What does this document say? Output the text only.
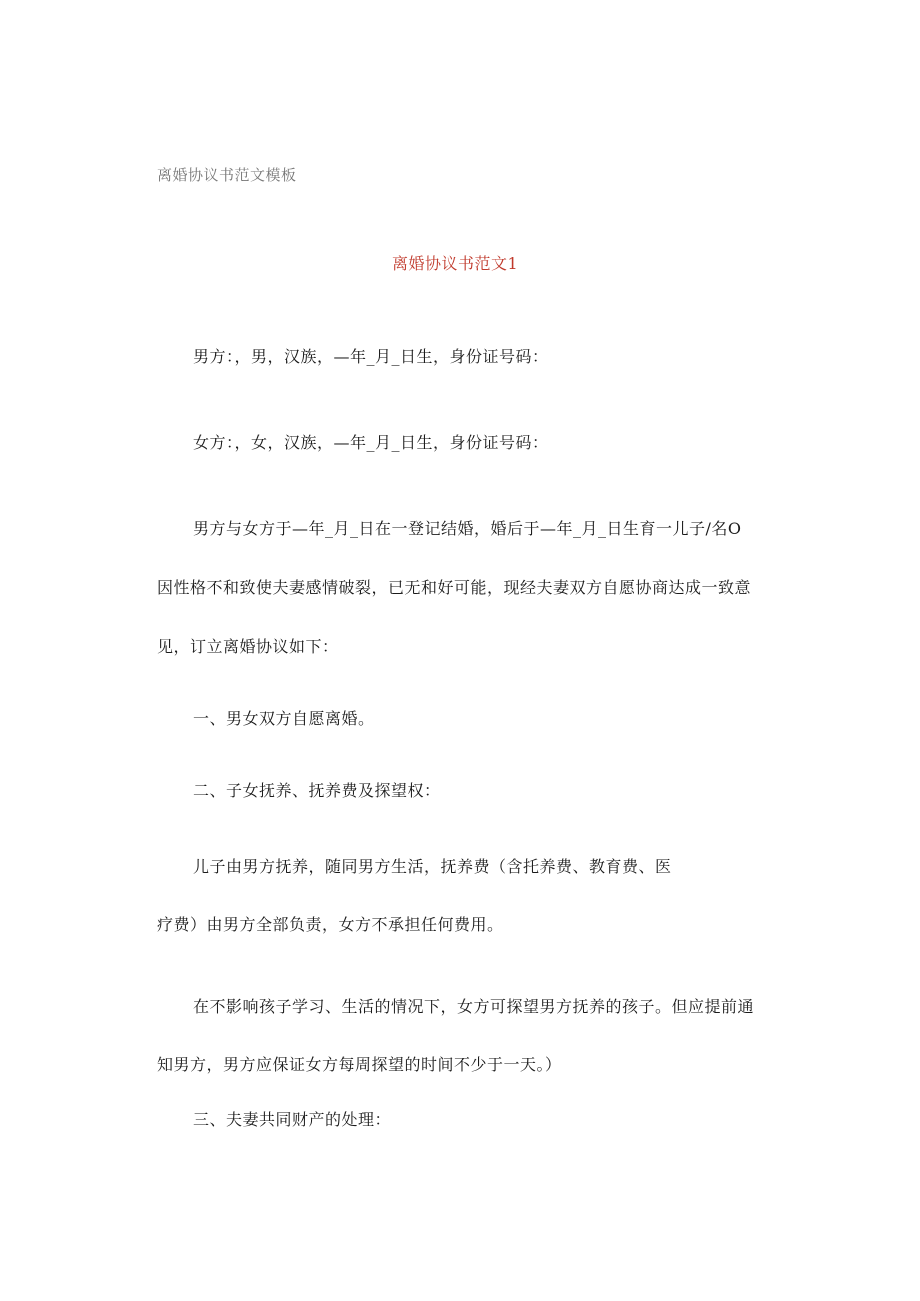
离婚协议书范文模板
离婚协议书范文1
男方：，男，汉族，—年_月_日生，身份证号码：
女方：，女，汉族，—年_月_日生，身份证号码：
男方与女方于—年_月_日在一登记结婚，婚后于—年_月_日生育一儿子/名O
因性格不和致使夫妻感情破裂，已无和好可能，现经夫妻双方自愿协商达成一致意
见，订立离婚协议如下：
一、男女双方自愿离婚。
二、子女抚养、抚养费及探望权：
儿子由男方抚养，随同男方生活，抚养费（含托养费、教育费、医
疗费）由男方全部负责，女方不承担任何费用。
在不影响孩子学习、生活的情况下，女方可探望男方抚养的孩子。但应提前通
知男方，男方应保证女方每周探望的时间不少于一天。）
三、夫妻共同财产的处理：
